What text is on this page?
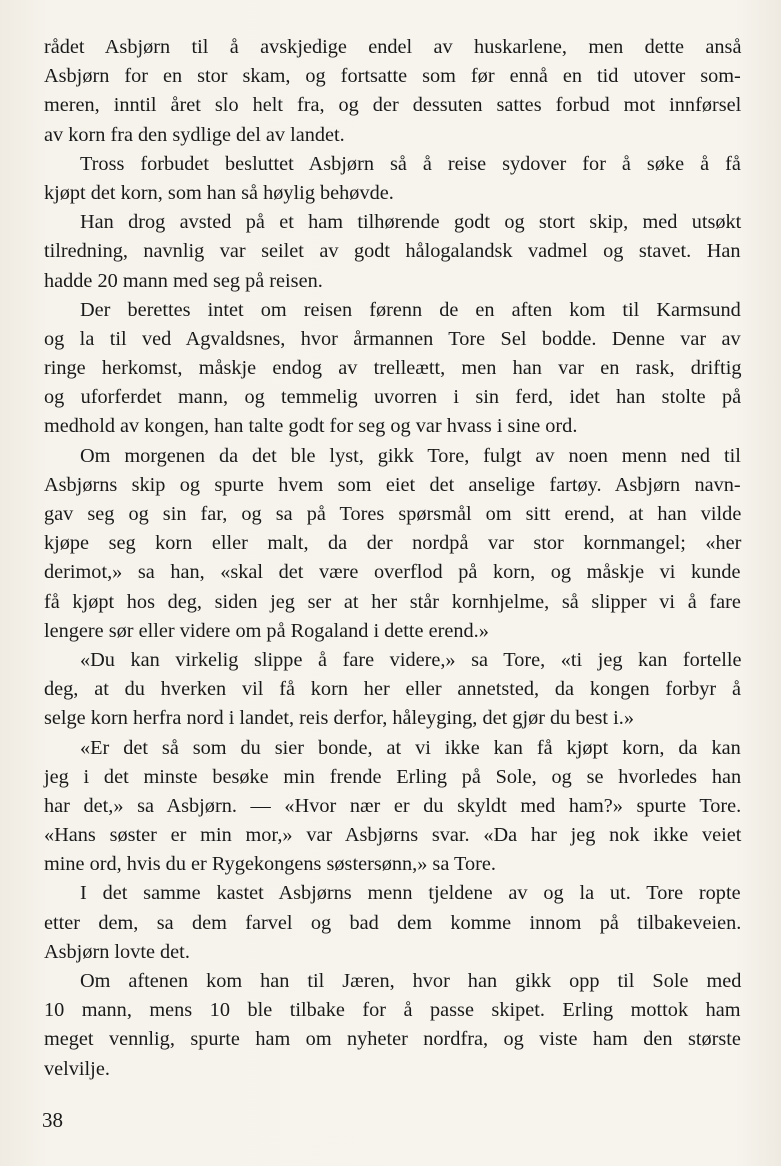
rådet Asbjørn til å avskjedige endel av huskarlene, men dette anså
Asbjørn for en stor skam, og fortsatte som før ennå en tid utover som-
meren, inntil året slo helt fra, og der dessuten sattes forbud mot innførsel
av korn fra den sydlige del av landet.
Tross forbudet besluttet Asbjørn så å reise sydover for å søke å få
kjøpt det korn, som han så høylig behøvde.
Han drog avsted på et ham tilhørende godt og stort skip, med utsøkt
tilredning, navnlig var seilet av godt hålogalandsk vadmel og stavet. Han
hadde 20 mann med seg på reisen.
Der berettes intet om reisen førenn de en aften kom til Karmsund
og la til ved Agvaldsnes, hvor årmannen Tore Sel bodde. Denne var av
ringe herkomst, måskje endog av trelleætt, men han var en rask, driftig
og uforferdet mann, og temmelig uvorren i sin ferd, idet han stolte på
medhold av kongen, han talte godt for seg og var hvass i sine ord.
Om morgenen da det ble lyst, gikk Tore, fulgt av noen menn ned til
Asbjørns skip og spurte hvem som eiet det anselige fartøy. Asbjørn navn-
gav seg og sin far, og sa på Tores spørsmål om sitt erend, at han vilde
kjøpe seg korn eller malt, da der nordpå var stor kornmangel; «her
derimot,» sa han, «skal det være overflod på korn, og måskje vi kunde
få kjøpt hos deg, siden jeg ser at her står kornhjelme, så slipper vi å fare
lengere sør eller videre om på Rogaland i dette erend.»
«Du kan virkelig slippe å fare videre,» sa Tore, «ti jeg kan fortelle
deg, at du hverken vil få korn her eller annetsted, da kongen forbyr å
selge korn herfra nord i landet, reis derfor, håleyging, det gjør du best i.»
«Er det så som du sier bonde, at vi ikke kan få kjøpt korn, da kan
jeg i det minste besøke min frende Erling på Sole, og se hvorledes han
har det,» sa Asbjørn. — «Hvor nær er du skyldt med ham?» spurte Tore.
«Hans søster er min mor,» var Asbjørns svar. «Da har jeg nok ikke veiet
mine ord, hvis du er Rygekongens søstersønn,» sa Tore.
I det samme kastet Asbjørns menn tjeldene av og la ut. Tore ropte
etter dem, sa dem farvel og bad dem komme innom på tilbakeveien.
Asbjørn lovte det.
Om aftenen kom han til Jæren, hvor han gikk opp til Sole med
10 mann, mens 10 ble tilbake for å passe skipet. Erling mottok ham
meget vennlig, spurte ham om nyheter nordfra, og viste ham den største
velvilje.
38
